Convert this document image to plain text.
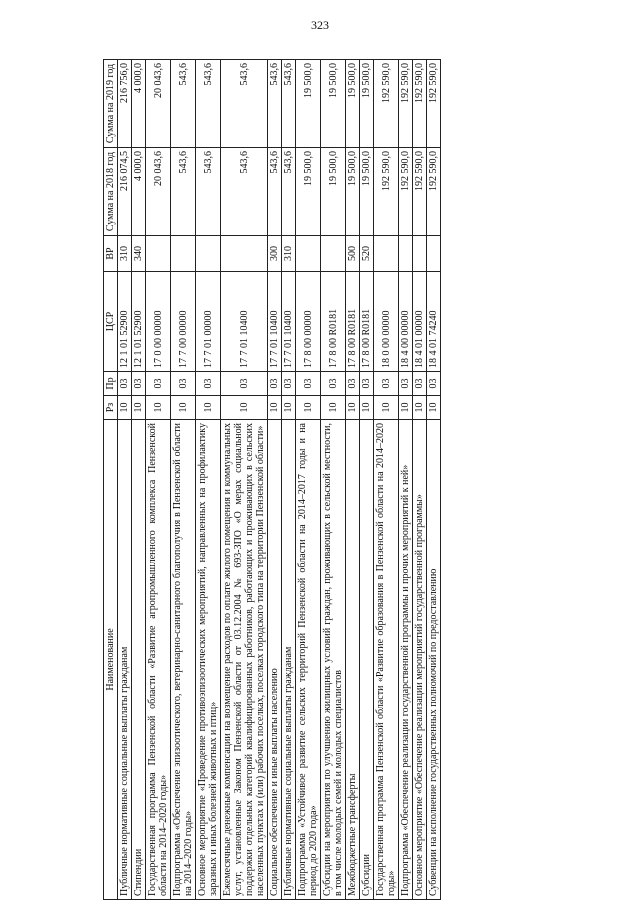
323
Наименование	Рз	Пр	ЦСР	ВР	Сумма на 2018 год	Сумма на 2019 год
Публичные нормативные социальные выплаты гражданам	10	03	12 1 01 52900	310	216 074,5	216 756,0
Стипендии	10	03	12 1 01 52900	340	4 000,0	4 000,0
Государственная программа Пензенской области «Развитие агропромышленного комплекса Пензенской области на 2014–2020 годы»	10	03	17 0 00 00000		20 043,6	20 043,6
Подпрограмма «Обеспечение эпизоотического, ветеринарно-санитарного благополучия в Пензенской области на 2014–2020 годы»	10	03	17 7 00 00000		543,6	543,6
Основное мероприятие «Проведение противоэпизоотических мероприятий, направленных на профилактику заразных и иных болезней животных и птиц»	10	03	17 7 01 00000		543,6	543,6
Ежемесячные денежные компенсации на возмещение расходов по оплате жилого помещения и коммунальных услуг, установленные Законом Пензенской области от 03.12.2004 № 693-ЗПО «О мерах социальной поддержки отдельных категорий квалифицированных работников, работающих и проживающих в сельских населенных пунктах и (или) рабочих поселках, поселках городского типа на территории Пензенской области»	10	03	17 7 01 10400		543,6	543,6
Социальное обеспечение и иные выплаты населению	10	03	17 7 01 10400	300	543,6	543,6
Публичные нормативные социальные выплаты гражданам	10	03	17 7 01 10400	310	543,6	543,6
Подпрограмма «Устойчивое развитие сельских территорий Пензенской области на 2014–2017 годы и на период до 2020 года»	10	03	17 8 00 00000		19 500,0	19 500,0
Субсидии на мероприятия по улучшению жилищных условий граждан, проживающих в сельской местности, в том числе молодых семей и молодых специалистов	10	03	17 8 00 R0181		19 500,0	19 500,0
Межбюджетные трансферты	10	03	17 8 00 R0181	500	19 500,0	19 500,0
Субсидии	10	03	17 8 00 R0181	520	19 500,0	19 500,0
Государственная программа Пензенской области «Развитие образования в Пензенской области на 2014–2020 годы»	10	03	18 0 00 00000		192 590,0	192 590,0
Подпрограмма «Обеспечение реализации государственной программы и прочих мероприятий к ней»	10	03	18 4 00 00000		192 590,0	192 590,0
Основное мероприятие «Обеспечение реализации мероприятий государственной программы»	10	03	18 4 01 00000		192 590,0	192 590,0
Субвенции на исполнение государственных полномочий по предоставлению	10	03	18 4 01 74240		192 590,0	192 590,0
